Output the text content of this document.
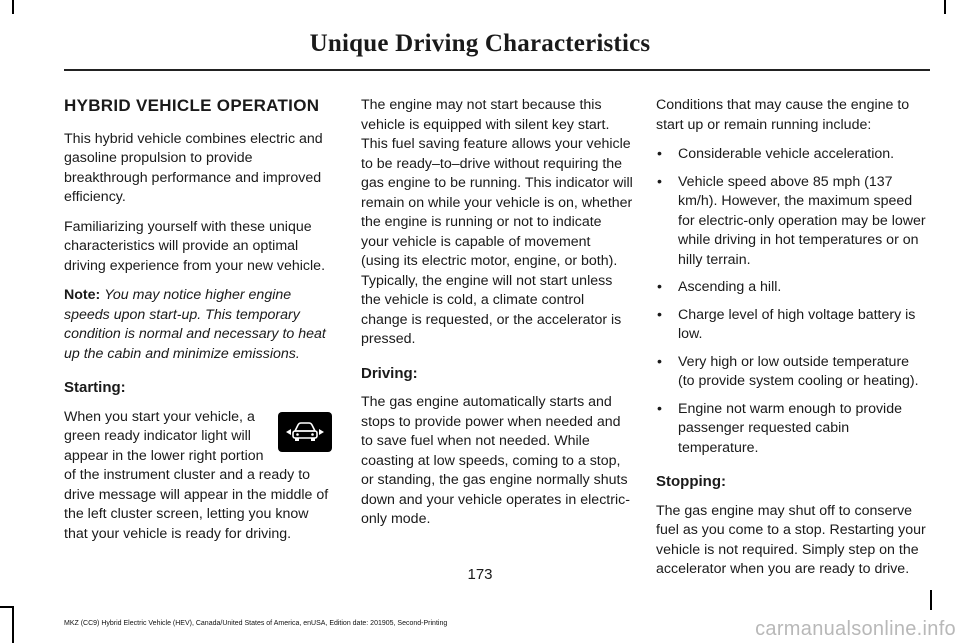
Unique Driving Characteristics
HYBRID VEHICLE OPERATION

This hybrid vehicle combines electric and gasoline propulsion to provide breakthrough performance and improved efficiency.

Familiarizing yourself with these unique characteristics will provide an optimal driving experience from your new vehicle.

Note: You may notice higher engine speeds upon start-up. This temporary condition is normal and necessary to heat up the cabin and minimize emissions.

Starting:

When you start your vehicle, a green ready indicator light will appear in the lower right portion of the instrument cluster and a ready to drive message will appear in the middle of the left cluster screen, letting you know that your vehicle is ready for driving.

The engine may not start because this vehicle is equipped with silent key start. This fuel saving feature allows your vehicle to be ready–to–drive without requiring the gas engine to be running. This indicator will remain on while your vehicle is on, whether the engine is running or not to indicate your vehicle is capable of movement (using its electric motor, engine, or both). Typically, the engine will not start unless the vehicle is cold, a climate control change is requested, or the accelerator is pressed.

Driving:

The gas engine automatically starts and stops to provide power when needed and to save fuel when not needed. While coasting at low speeds, coming to a stop, or standing, the gas engine normally shuts down and your vehicle operates in electric-only mode.

Conditions that may cause the engine to start up or remain running include:

• Considerable vehicle acceleration.
• Vehicle speed above 85 mph (137 km/h). However, the maximum speed for electric-only operation may be lower while driving in hot temperatures or on hilly terrain.
• Ascending a hill.
• Charge level of high voltage battery is low.
• Very high or low outside temperature (to provide system cooling or heating).
• Engine not warm enough to provide passenger requested cabin temperature.
Stopping:

The gas engine may shut off to conserve fuel as you come to a stop. Restarting your vehicle is not required. Simply step on the accelerator when you are ready to drive.

173
MKZ (CC9) Hybrid Electric Vehicle (HEV), Canada/United States of America, enUSA, Edition date: 201905, Second-Printing	carmanualsonline.info
